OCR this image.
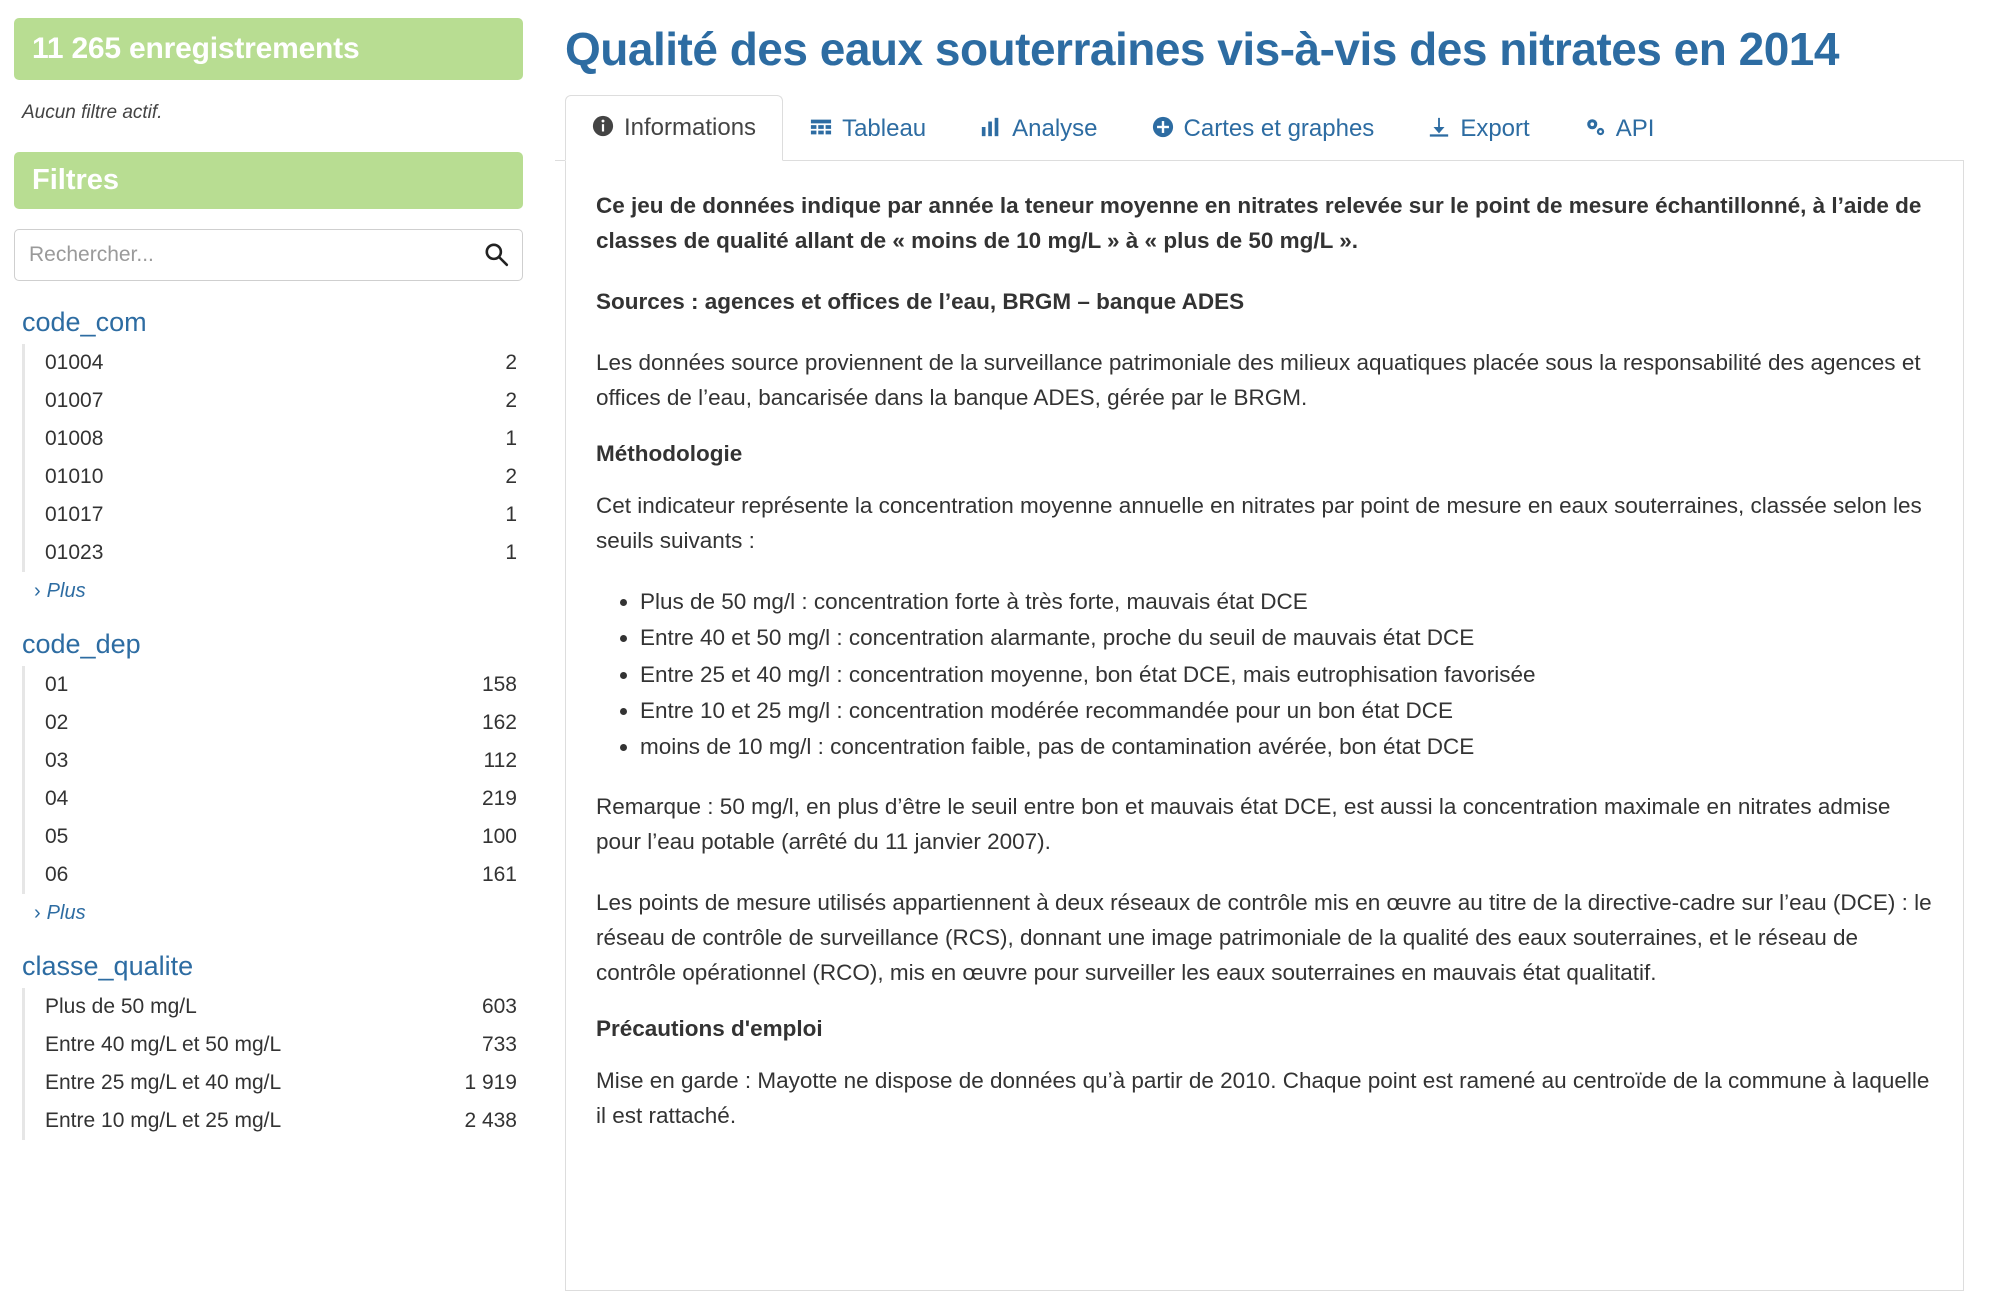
11 265 enregistrements
Aucun filtre actif.
Filtres
Rechercher...
code_com
01004	2
01007	2
01008	1
01010	2
01017	1
01023	1
› Plus
code_dep
01	158
02	162
03	112
04	219
05	100
06	161
› Plus
classe_qualite
Plus de 50 mg/L	603
Entre 40 mg/L et 50 mg/L	733
Entre 25 mg/L et 40 mg/L	1 919
Entre 10 mg/L et 25 mg/L	2 438
Qualité des eaux souterraines vis-à-vis des nitrates en 2014
Informations	Tableau	Analyse	Cartes et graphes	Export	API

Ce jeu de données indique par année la teneur moyenne en nitrates relevée sur le point de mesure échantillonné, à l’aide de classes de qualité allant de « moins de 10 mg/L » à « plus de 50 mg/L ».

Sources : agences et offices de l’eau, BRGM – banque ADES

Les données source proviennent de la surveillance patrimoniale des milieux aquatiques placée sous la responsabilité des agences et offices de l’eau, bancarisée dans la banque ADES, gérée par le BRGM.

Méthodologie

Cet indicateur représente la concentration moyenne annuelle en nitrates par point de mesure en eaux souterraines, classée selon les seuils suivants :

• Plus de 50 mg/l : concentration forte à très forte, mauvais état DCE
• Entre 40 et 50 mg/l : concentration alarmante, proche du seuil de mauvais état DCE
• Entre 25 et 40 mg/l : concentration moyenne, bon état DCE, mais eutrophisation favorisée
• Entre 10 et 25 mg/l : concentration modérée recommandée pour un bon état DCE
• moins de 10 mg/l : concentration faible, pas de contamination avérée, bon état DCE

Remarque : 50 mg/l, en plus d’être le seuil entre bon et mauvais état DCE, est aussi la concentration maximale en nitrates admise pour l’eau potable (arrêté du 11 janvier 2007).

Les points de mesure utilisés appartiennent à deux réseaux de contrôle mis en œuvre au titre de la directive-cadre sur l’eau (DCE) : le réseau de contrôle de surveillance (RCS), donnant une image patrimoniale de la qualité des eaux souterraines, et le réseau de contrôle opérationnel (RCO), mis en œuvre pour surveiller les eaux souterraines en mauvais état qualitatif.

Précautions d'emploi

Mise en garde : Mayotte ne dispose de données qu’à partir de 2010. Chaque point est ramené au centroïde de la commune à laquelle il est rattaché.
